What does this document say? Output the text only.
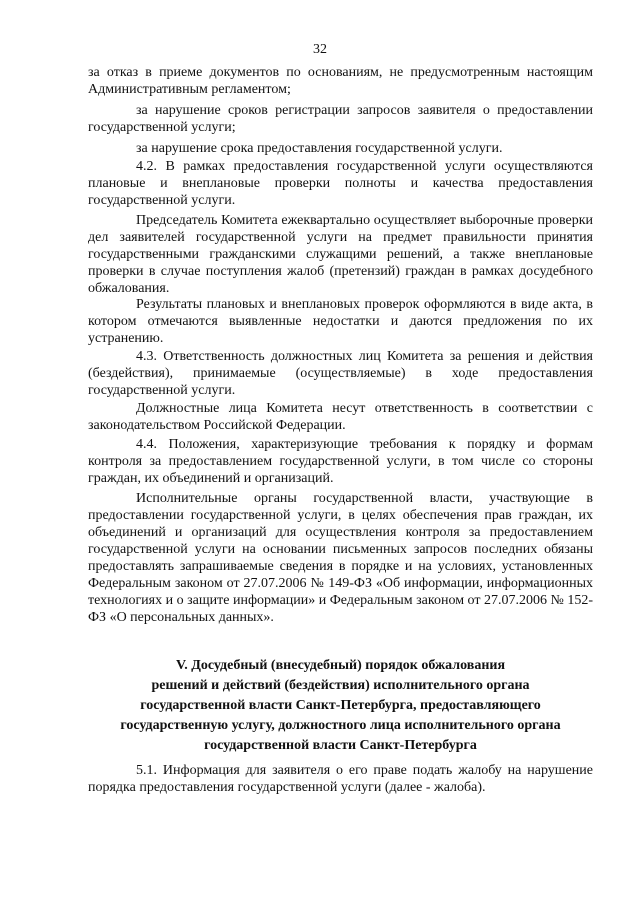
32
за отказ в приеме документов по основаниям, не предусмотренным настоящим Административным регламентом;
за нарушение сроков регистрации запросов заявителя о предоставлении государственной услуги;
за нарушение срока предоставления государственной услуги.
4.2. В рамках предоставления государственной услуги осуществляются плановые и внеплановые проверки полноты и качества предоставления государственной услуги.
Председатель Комитета ежеквартально осуществляет выборочные проверки дел заявителей государственной услуги на предмет правильности принятия государственными гражданскими служащими решений, а также внеплановые проверки в случае поступления жалоб (претензий) граждан в рамках досудебного обжалования.
Результаты плановых и внеплановых проверок оформляются в виде акта, в котором отмечаются выявленные недостатки и даются предложения по их устранению.
4.3. Ответственность должностных лиц Комитета за решения и действия (бездействия), принимаемые (осуществляемые) в ходе предоставления государственной услуги.
Должностные лица Комитета несут ответственность в соответствии с законодательством Российской Федерации.
4.4. Положения, характеризующие требования к порядку и формам контроля за предоставлением государственной услуги, в том числе со стороны граждан, их объединений и организаций.
Исполнительные органы государственной власти, участвующие в предоставлении государственной услуги, в целях обеспечения прав граждан, их объединений и организаций для осуществления контроля за предоставлением государственной услуги на основании письменных запросов последних обязаны предоставлять запрашиваемые сведения в порядке и на условиях, установленных Федеральным законом от 27.07.2006 № 149-ФЗ «Об информации, информационных технологиях и о защите информации» и Федеральным законом от 27.07.2006 № 152-ФЗ «О персональных данных».
V. Досудебный (внесудебный) порядок обжалования
решений и действий (бездействия) исполнительного органа
государственной власти Санкт-Петербурга, предоставляющего
государственную услугу, должностного лица исполнительного органа
государственной власти Санкт-Петербурга
5.1. Информация для заявителя о его праве подать жалобу на нарушение порядка предоставления государственной услуги (далее - жалоба).
